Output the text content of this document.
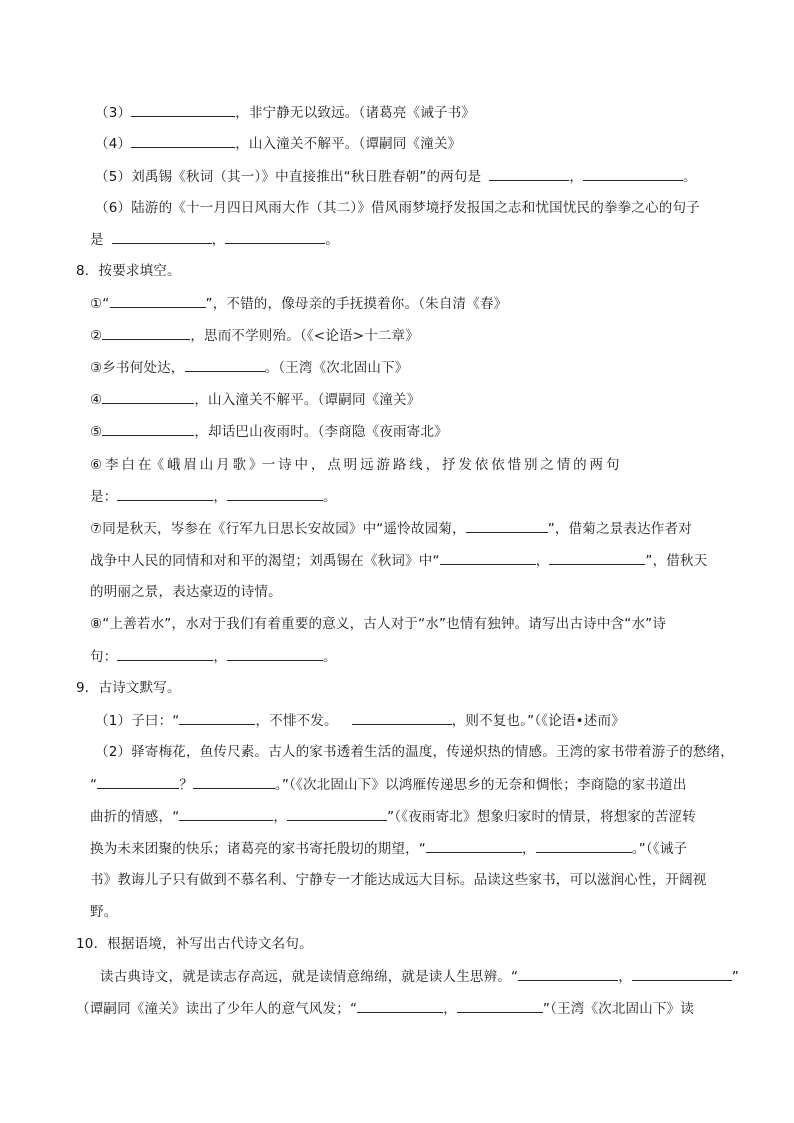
（3）	，非宁静无以致远。（诸葛亮《诫子书》
（4）	，山入潼关不解平。（谭嗣同《潼关》
（5）刘禹锡《秋词（其一）》中直接推出“秋日胜春朝”的两句是	，	。
（6）陆游的《十一月四日风雨大作（其二）》借风雨梦境抒发报国之志和忧国忧民的拳拳之心的句子
是	，	。
8．按要求填空。
①“	”，不错的，像母亲的手抚摸着你。（朱自清《春》
②	，思而不学则殆。（《<论语>十二章》
③乡书何处达，	。（王湾《次北固山下》
④	，山入潼关不解平。（谭嗣同《潼关》
⑤	，却话巴山夜雨时。（李商隐《夜雨寄北》
⑥ 李 白 在《 峨 眉 山 月 歌 》一 诗 中 ， 点 明 远 游 路 线 ， 抒 发 依 依 惜 别 之 情 的 两 句
是：	，	。
⑦同是秋天，岑参在《行军九日思长安故园》中“遥怜故园菊，	”，借菊之景表达作者对
战争中人民的同情和对和平的渴望；刘禹锡在《秋词》中“	，	”，借秋天
的明丽之景，表达豪迈的诗情。
⑧“上善若水”，水对于我们有着重要的意义，古人对于“水”也情有独钟。请写出古诗中含“水”诗
句：	，	。
9．古诗文默写。
（1）子曰：“	，不悱不发。	，则不复也。”（《论语•述而》
（2）驿寄梅花，鱼传尺素。古人的家书透着生活的温度，传递炽热的情感。王湾的家书带着游子的愁绪，
“	？	。”（《次北固山下》以鸿雁传递思乡的无奈和惆怅；李商隐的家书道出
曲折的情感，“	，	”（《夜雨寄北》想象归家时的情景，将想家的苦涩转
换为未来团聚的快乐；诸葛亮的家书寄托殷切的期望，“	，	。”（《诫子
书》教诲儿子只有做到不慕名利、宁静专一才能达成远大目标。品读这些家书，可以滋润心性，开阔视
野。
10．根据语境，补写出古代诗文名句。
读古典诗文，就是读志存高远，就是读情意绵绵，就是读人生思辨。“	，	”
（谭嗣同《潼关》读出了少年人的意气风发；“	，	”（王湾《次北固山下》读
